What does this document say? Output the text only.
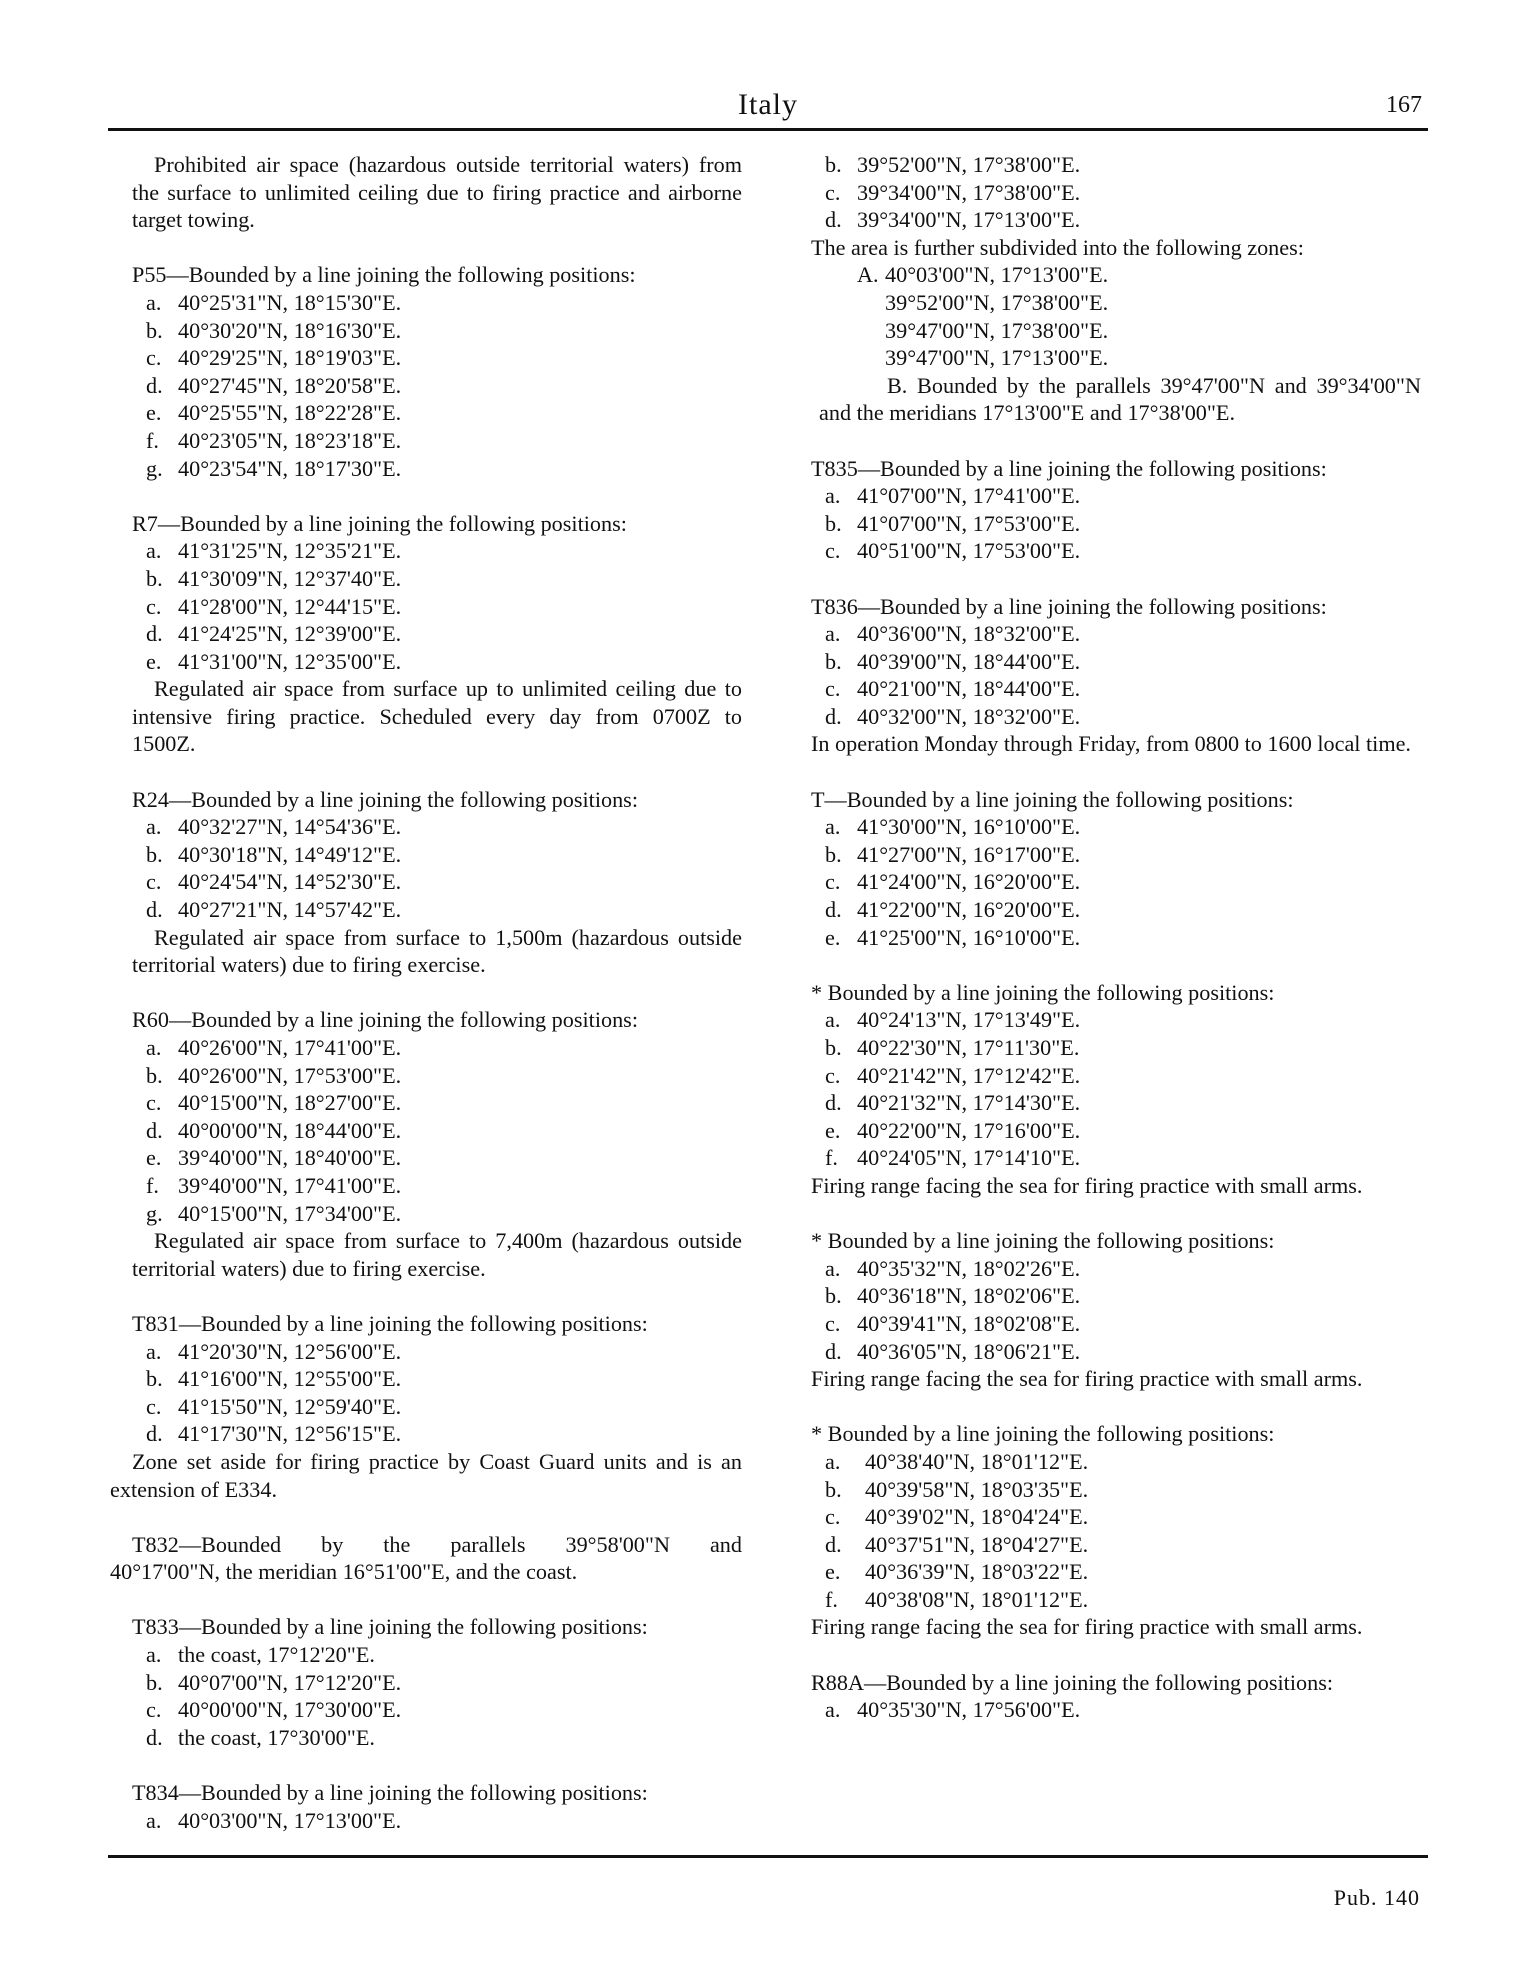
Italy	167

Prohibited air space (hazardous outside territorial waters) from the surface to unlimited ceiling due to firing practice and airborne target towing.

P55—Bounded by a line joining the following positions:

a. 40°25'31"N, 18°15'30"E.

b. 40°30'20"N, 18°16'30"E.

c. 40°29'25"N, 18°19'03"E.

d. 40°27'45"N, 18°20'58"E.

e. 40°25'55"N, 18°22'28"E.

f. 40°23'05"N, 18°23'18"E.

g. 40°23'54"N, 18°17'30"E.

R7—Bounded by a line joining the following positions:

a. 41°31'25"N, 12°35'21"E.

b. 41°30'09"N, 12°37'40"E.

c. 41°28'00"N, 12°44'15"E.

d. 41°24'25"N, 12°39'00"E.

e. 41°31'00"N, 12°35'00"E.

Regulated air space from surface up to unlimited ceiling due to intensive firing practice. Scheduled every day from 0700Z to 1500Z.

R24—Bounded by a line joining the following positions:

a. 40°32'27"N, 14°54'36"E.

b. 40°30'18"N, 14°49'12"E.

c. 40°24'54"N, 14°52'30"E.

d. 40°27'21"N, 14°57'42"E.

Regulated air space from surface to 1,500m (hazardous outside territorial waters) due to firing exercise.

R60—Bounded by a line joining the following positions:

a. 40°26'00"N, 17°41'00"E.

b. 40°26'00"N, 17°53'00"E.

c. 40°15'00"N, 18°27'00"E.

d. 40°00'00"N, 18°44'00"E.

e. 39°40'00"N, 18°40'00"E.

f. 39°40'00"N, 17°41'00"E.

g. 40°15'00"N, 17°34'00"E.

Regulated air space from surface to 7,400m (hazardous outside territorial waters) due to firing exercise.

T831—Bounded by a line joining the following positions:

a. 41°20'30"N, 12°56'00"E.

b. 41°16'00"N, 12°55'00"E.

c. 41°15'50"N, 12°59'40"E.

d. 41°17'30"N, 12°56'15"E.

Zone set aside for firing practice by Coast Guard units and is an extension of E334.

T832—Bounded by the parallels 39°58'00"N and

40°17'00"N, the meridian 16°51'00"E, and the coast.

T833—Bounded by a line joining the following positions:

a. the coast, 17°12'20"E.

b. 40°07'00"N, 17°12'20"E.

c. 40°00'00"N, 17°30'00"E.

d. the coast, 17°30'00"E.

T834—Bounded by a line joining the following positions:

a. 40°03'00"N, 17°13'00"E.

b. 39°52'00"N, 17°38'00"E.

c. 39°34'00"N, 17°38'00"E.

d. 39°34'00"N, 17°13'00"E.

The area is further subdivided into the following zones:

A. 40°03'00"N, 17°13'00"E.

39°52'00"N, 17°38'00"E.

39°47'00"N, 17°38'00"E.

39°47'00"N, 17°13'00"E.

B. Bounded by the parallels 39°47'00"N and 39°34'00"N and the meridians 17°13'00"E and 17°38'00"E.

T835—Bounded by a line joining the following positions:

a. 41°07'00"N, 17°41'00"E.

b. 41°07'00"N, 17°53'00"E.

c. 40°51'00"N, 17°53'00"E.

T836—Bounded by a line joining the following positions:

a. 40°36'00"N, 18°32'00"E.

b. 40°39'00"N, 18°44'00"E.

c. 40°21'00"N, 18°44'00"E.

d. 40°32'00"N, 18°32'00"E.

In operation Monday through Friday, from 0800 to 1600 local time.

T—Bounded by a line joining the following positions:

a. 41°30'00"N, 16°10'00"E.

b. 41°27'00"N, 16°17'00"E.

c. 41°24'00"N, 16°20'00"E.

d. 41°22'00"N, 16°20'00"E.

e. 41°25'00"N, 16°10'00"E.

* Bounded by a line joining the following positions:

a. 40°24'13"N, 17°13'49"E.

b. 40°22'30"N, 17°11'30"E.

c. 40°21'42"N, 17°12'42"E.

d. 40°21'32"N, 17°14'30"E.

e. 40°22'00"N, 17°16'00"E.

f. 40°24'05"N, 17°14'10"E.

Firing range facing the sea for firing practice with small arms.

* Bounded by a line joining the following positions:

a. 40°35'32"N, 18°02'26"E.

b. 40°36'18"N, 18°02'06"E.

c. 40°39'41"N, 18°02'08"E.

d. 40°36'05"N, 18°06'21"E.

Firing range facing the sea for firing practice with small arms.

* Bounded by a line joining the following positions:

a. 40°38'40"N, 18°01'12"E.

b. 40°39'58"N, 18°03'35"E.

c. 40°39'02"N, 18°04'24"E.

d. 40°37'51"N, 18°04'27"E.

e. 40°36'39"N, 18°03'22"E.

f. 40°38'08"N, 18°01'12"E.

Firing range facing the sea for firing practice with small arms.

R88A—Bounded by a line joining the following positions:

a. 40°35'30"N, 17°56'00"E.

Pub. 140
